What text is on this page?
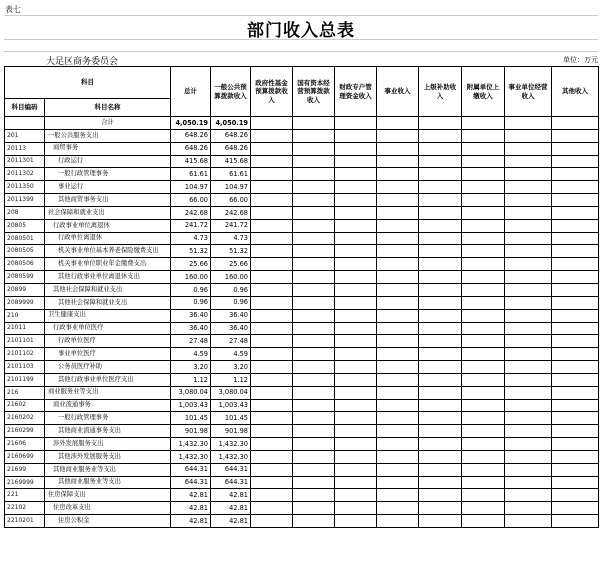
表七
部门收入总表
大足区商务委员会	单位：万元
科目		总计	一般公共预算拨款收入	政府性基金预算拨款收入	国有资本经营预算拨款收入	财政专户管理资金收入	事业收入	上级补助收入	附属单位上缴收入	事业单位经营收入	其他收入
科目编码	科目名称										
	合计	4,050.19	4,050.19								
201	一般公共服务支出	648.26	648.26								
20113	商贸事务	648.26	648.26								
2011301	行政运行	415.68	415.68								
2011302	一般行政管理事务	61.61	61.61								
2011350	事业运行	104.97	104.97								
2011399	其他商贸事务支出	66.00	66.00								
208	社会保障和就业支出	242.68	242.68								
20805	行政事业单位离退休	241.72	241.72								
2080501	行政单位离退休	4.73	4.73								
2080505	机关事业单位基本养老保险缴费支出	51.32	51.32								
2080506	机关事业单位职业年金缴费支出	25.66	25.66								
2080599	其他行政事业单位离退休支出	160.00	160.00								
20899	其他社会保障和就业支出	0.96	0.96								
2089999	其他社会保障和就业支出	0.96	0.96								
210	卫生健康支出	36.40	36.40								
21011	行政事业单位医疗	36.40	36.40								
2101101	行政单位医疗	27.48	27.48								
2101102	事业单位医疗	4.59	4.59								
2101103	公务员医疗补助	3.20	3.20								
2101199	其他行政事业单位医疗支出	1.12	1.12								
216	商业服务业等支出	3,080.04	3,080.04								
21602	商业流通事务	1,003.43	1,003.43								
2160202	一般行政管理事务	101.45	101.45								
2160299	其他商业流通事务支出	901.98	901.98								
21606	涉外发展服务支出	1,432.30	1,432.30								
2160699	其他涉外发展服务支出	1,432.30	1,432.30								
21699	其他商业服务业等支出	644.31	644.31								
2169999	其他商业服务业等支出	644.31	644.31								
221	住房保障支出	42.81	42.81								
22102	住房改革支出	42.81	42.81								
2210201	住房公积金	42.81	42.81								
